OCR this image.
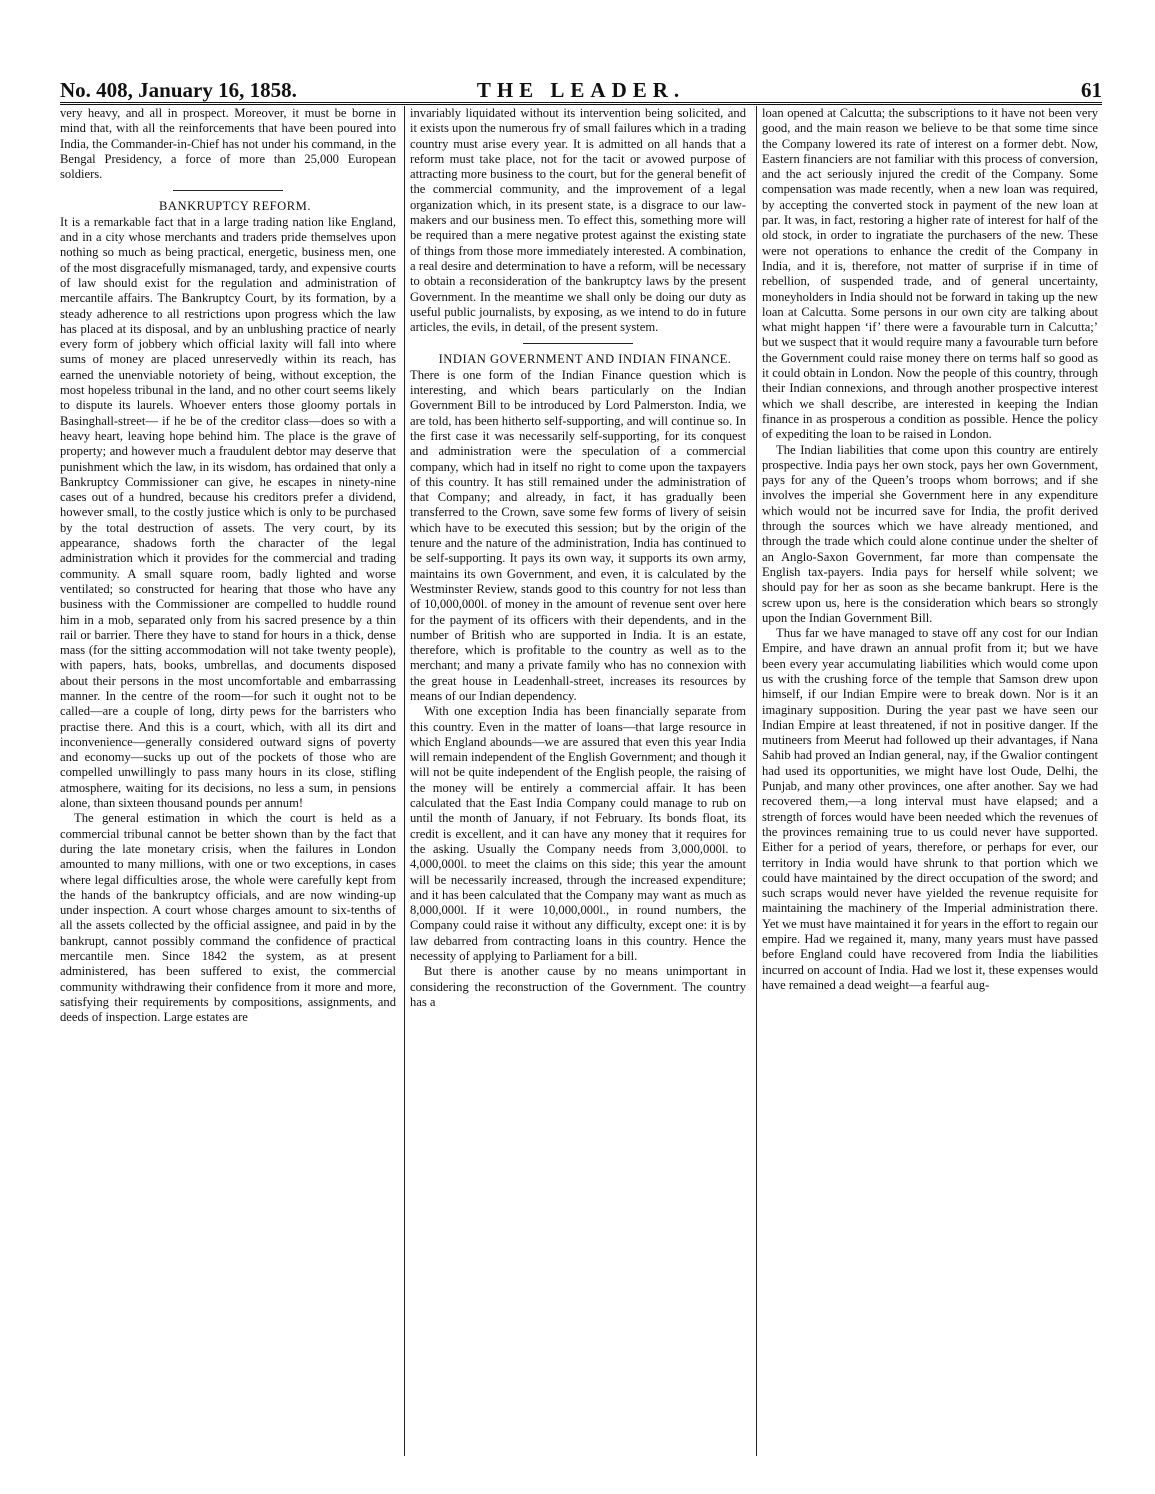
No. 408, January 16, 1858.	THE LEADER.	61

very heavy, and all in prospect. Moreover, it must be borne in mind that, with all the reinforcements that have been poured into India, the Commander-in-Chief has not under his command, in the Bengal Presidency, a force of more than 25,000 European soldiers.

BANKRUPTCY REFORM.

It is a remarkable fact that in a large trading nation like England, and in a city whose merchants and traders pride themselves upon nothing so much as being practical, energetic, business men, one of the most disgracefully mismanaged, tardy, and expensive courts of law should exist for the regulation and administration of mercantile affairs. The Bankruptcy Court, by its formation, by a steady adherence to all restrictions upon progress which the law has placed at its disposal, and by an unblushing practice of nearly every form of jobbery which official laxity will fall into where sums of money are placed unreservedly within its reach, has earned the unenviable notoriety of being, without exception, the most hopeless tribunal in the land, and no other court seems likely to dispute its laurels. Whoever enters those gloomy portals in Basinghall-street— if he be of the creditor class—does so with a heavy heart, leaving hope behind him. The place is the grave of property; and however much a fraudulent debtor may deserve that punishment which the law, in its wisdom, has ordained that only a Bankruptcy Commissioner can give, he escapes in ninety-nine cases out of a hundred, because his creditors prefer a dividend, however small, to the costly justice which is only to be purchased by the total destruction of assets. The very court, by its appearance, shadows forth the character of the legal administration which it provides for the commercial and trading community. A small square room, badly lighted and worse ventilated; so constructed for hearing that those who have any business with the Commissioner are compelled to huddle round him in a mob, separated only from his sacred presence by a thin rail or barrier. There they have to stand for hours in a thick, dense mass (for the sitting accommodation will not take twenty people), with papers, hats, books, umbrellas, and documents disposed about their persons in the most uncomfortable and embarrassing manner. In the centre of the room—for such it ought not to be called—are a couple of long, dirty pews for the barristers who practise there. And this is a court, which, with all its dirt and inconvenience—generally considered outward signs of poverty and economy—sucks up out of the pockets of those who are compelled unwillingly to pass many hours in its close, stifling atmosphere, waiting for its decisions, no less a sum, in pensions alone, than sixteen thousand pounds per annum!

The general estimation in which the court is held as a commercial tribunal cannot be better shown than by the fact that during the late monetary crisis, when the failures in London amounted to many millions, with one or two exceptions, in cases where legal difficulties arose, the whole were carefully kept from the hands of the bankruptcy officials, and are now winding-up under inspection. A court whose charges amount to six-tenths of all the assets collected by the official assignee, and paid in by the bankrupt, cannot possibly command the confidence of practical mercantile men. Since 1842 the system, as at present administered, has been suffered to exist, the commercial community withdrawing their confidence from it more and more, satisfying their requirements by compositions, assignments, and deeds of inspection. Large estates are

invariably liquidated without its intervention being solicited, and it exists upon the numerous fry of small failures which in a trading country must arise every year. It is admitted on all hands that a reform must take place, not for the tacit or avowed purpose of attracting more business to the court, but for the general benefit of the commercial community, and the improvement of a legal organization which, in its present state, is a disgrace to our law-makers and our business men. To effect this, something more will be required than a mere negative protest against the existing state of things from those more immediately interested. A combination, a real desire and determination to have a reform, will be necessary to obtain a reconsideration of the bankruptcy laws by the present Government. In the meantime we shall only be doing our duty as useful public journalists, by exposing, as we intend to do in future articles, the evils, in detail, of the present system.

INDIAN GOVERNMENT AND INDIAN FINANCE.

There is one form of the Indian Finance question which is interesting, and which bears particularly on the Indian Government Bill to be introduced by Lord Palmerston. India, we are told, has been hitherto self-supporting, and will continue so. In the first case it was necessarily self-supporting, for its conquest and administration were the speculation of a commercial company, which had in itself no right to come upon the taxpayers of this country. It has still remained under the administration of that Company; and already, in fact, it has gradually been transferred to the Crown, save some few forms of livery of seisin which have to be executed this session; but by the origin of the tenure and the nature of the administration, India has continued to be self-supporting. It pays its own way, it supports its own army, maintains its own Government, and even, it is calculated by the Westminster Review, stands good to this country for not less than of 10,000,000l. of money in the amount of revenue sent over here for the payment of its officers with their dependents, and in the number of British who are supported in India. It is an estate, therefore, which is profitable to the country as well as to the merchant; and many a private family who has no connexion with the great house in Leadenhall-street, increases its resources by means of our Indian dependency.

With one exception India has been financially separate from this country. Even in the matter of loans—that large resource in which England abounds—we are assured that even this year India will remain independent of the English Government; and though it will not be quite independent of the English people, the raising of the money will be entirely a commercial affair. It has been calculated that the East India Company could manage to rub on until the month of January, if not February. Its bonds float, its credit is excellent, and it can have any money that it requires for the asking. Usually the Company needs from 3,000,000l. to 4,000,000l. to meet the claims on this side; this year the amount will be necessarily increased, through the increased expenditure; and it has been calculated that the Company may want as much as 8,000,000l. If it were 10,000,000l., in round numbers, the Company could raise it without any difficulty, except one: it is by law debarred from contracting loans in this country. Hence the necessity of applying to Parliament for a bill.

But there is another cause by no means unimportant in considering the reconstruction of the Government. The country has a

loan opened at Calcutta; the subscriptions to it have not been very good, and the main reason we believe to be that some time since the Company lowered its rate of interest on a former debt. Now, Eastern financiers are not familiar with this process of conversion, and the act seriously injured the credit of the Company. Some compensation was made recently, when a new loan was required, by accepting the converted stock in payment of the new loan at par. It was, in fact, restoring a higher rate of interest for half of the old stock, in order to ingratiate the purchasers of the new. These were not operations to enhance the credit of the Company in India, and it is, therefore, not matter of surprise if in time of rebellion, of suspended trade, and of general uncertainty, moneyholders in India should not be forward in taking up the new loan at Calcutta. Some persons in our own city are talking about what might happen ‘if’ there were a favourable turn in Calcutta;’ but we suspect that it would require many a favourable turn before the Government could raise money there on terms half so good as it could obtain in London. Now the people of this country, through their Indian connexions, and through another prospective interest which we shall describe, are interested in keeping the Indian finance in as prosperous a condition as possible. Hence the policy of expediting the loan to be raised in London.

The Indian liabilities that come upon this country are entirely prospective. India pays her own stock, pays her own Government, pays for any of the Queen’s troops whom borrows; and if she involves the imperial she Government here in any expenditure which would not be incurred save for India, the profit derived through the sources which we have already mentioned, and through the trade which could alone continue under the shelter of an Anglo-Saxon Government, far more than compensate the English tax-payers. India pays for herself while solvent; we should pay for her as soon as she became bankrupt. Here is the screw upon us, here is the consideration which bears so strongly upon the Indian Government Bill.

Thus far we have managed to stave off any cost for our Indian Empire, and have drawn an annual profit from it; but we have been every year accumulating liabilities which would come upon us with the crushing force of the temple that Samson drew upon himself, if our Indian Empire were to break down. Nor is it an imaginary supposition. During the year past we have seen our Indian Empire at least threatened, if not in positive danger. If the mutineers from Meerut had followed up their advantages, if Nana Sahib had proved an Indian general, nay, if the Gwalior contingent had used its opportunities, we might have lost Oude, Delhi, the Punjab, and many other provinces, one after another. Say we had recovered them,—a long interval must have elapsed; and a strength of forces would have been needed which the revenues of the provinces remaining true to us could never have supported. Either for a period of years, therefore, or perhaps for ever, our territory in India would have shrunk to that portion which we could have maintained by the direct occupation of the sword; and such scraps would never have yielded the revenue requisite for maintaining the machinery of the Imperial administration there. Yet we must have maintained it for years in the effort to regain our empire. Had we regained it, many, many years must have passed before England could have recovered from India the liabilities incurred on account of India. Had we lost it, these expenses would have remained a dead weight—a fearful aug-
